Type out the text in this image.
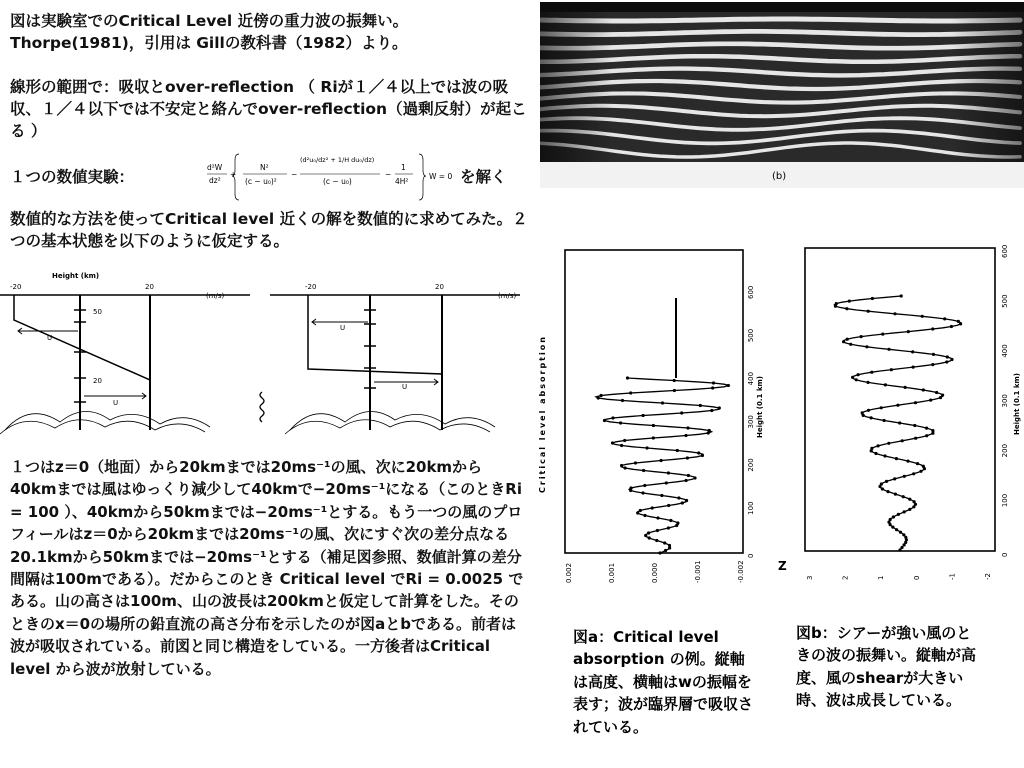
図は実験室でのCritical Level 近傍の重力波の振舞い。Thorpe(1981)，引用は Gillの教科書（1982）より。
線形の範囲で：吸収とover-reflection （ Riが１／４以上では波の吸収、１／４以下では不安定と絡んでover-reflection（過剰反射）が起こる ）
１つの数値実験：
d²W
dz²
+
N²
(c − u₀)²
−
(d²u₀/dz² + 1/H du₀/dz)
(c − u₀)
−
1
4H²
W = 0 を解く
数値的な方法を使ってCritical level 近くの解を数値的に求めてみた。２つの基本状態を以下のように仮定する。
(b)
Height (km)
-20	20
(m/s)
50
20
U
U
-20	20
(m/s)
U
U
１つはz＝0（地面）から20kmまでは20ms⁻¹の風、次に20kmから40kmまでは風はゆっくり減少して40kmで−20ms⁻¹になる（このときRi = 100 ）、40kmから50kmまでは−20ms⁻¹とする。もう一つの風のプロフィールはz＝0から20kmまでは20ms⁻¹の風、次にすぐ次の差分点なる20.1kmから50kmまでは−20ms⁻¹とする（補足図参照、数値計算の差分間隔は100mである）。だからこのとき Critical level でRi = 0.0025 である。山の高さは100m、山の波長は200kmと仮定して計算をした。そのときのx＝0の場所の鉛直流の高さ分布を示したのが図aとbである。前者は波が吸収されている。前図と同じ構造をしている。一方後者はCritical level から波が放射している。
0
100
200
300
400
500
600
0.002	0.001	0.000	-0.001	-0.002
Height (0.1 km)
Critical level absorption
0
100
200
300
400
500
600
3	2	1	0	-1	-2
Height (0.1 km)
Z
図a：Critical level absorption の例。縦軸は高度、横軸はwの振幅を表す；波が臨界層で吸収されている。
図b：シアーが強い風のときの波の振舞い。縦軸が高度、風のshearが大きい時、波は成長している。
